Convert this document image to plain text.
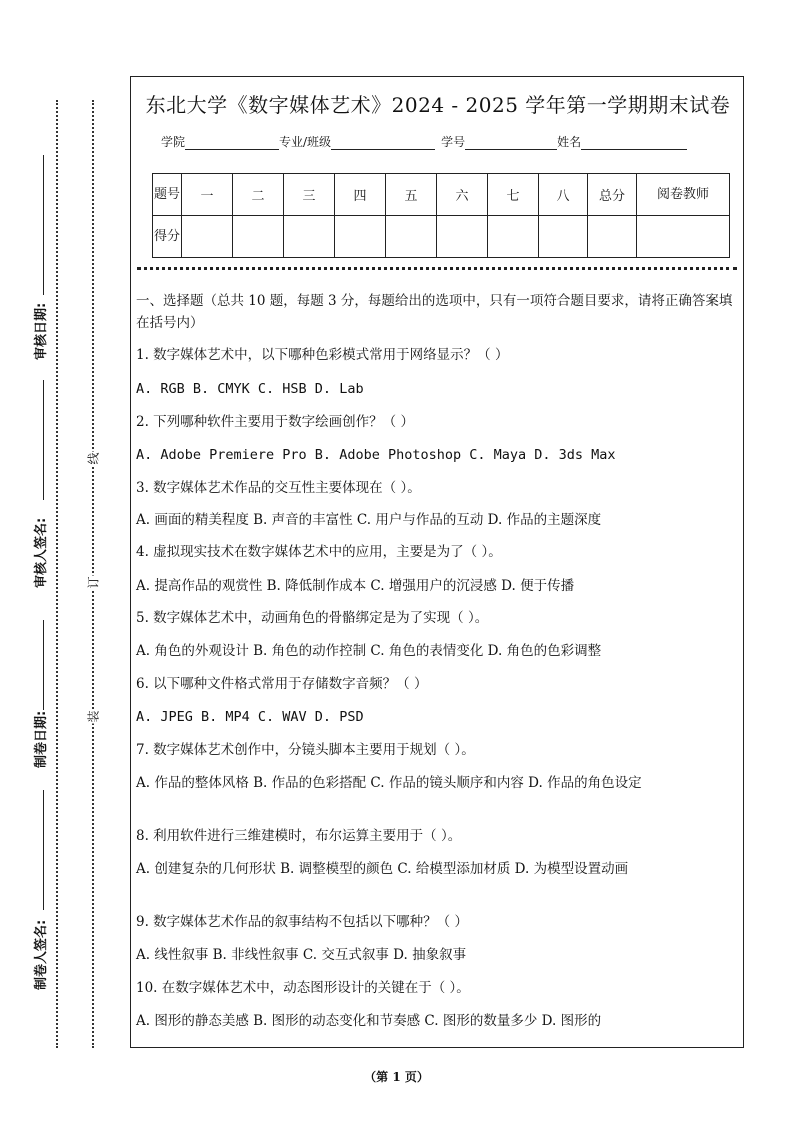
审核日期:
审核人签名:
制卷日期:
制卷人签名:
线
订
装
东北大学《数字媒体艺术》2024 - 2025 学年第一学期期末试卷
学院	专业/班级	学号	姓名
题号	一	二	三	四	五	六	七	八	总分	阅卷教师
得分										
一、选择题（总共 10 题，每题 3 分，每题给出的选项中，只有一项符合题目要求，请将正确答案填在括号内）
1. 数字媒体艺术中，以下哪种色彩模式常用于网络显示？（ ）
A. RGB B. CMYK C. HSB D. Lab
2. 下列哪种软件主要用于数字绘画创作？（ ）
A. Adobe Premiere Pro B. Adobe Photoshop C. Maya D. 3ds Max
3. 数字媒体艺术作品的交互性主要体现在（ ）。
A. 画面的精美程度 B. 声音的丰富性 C. 用户与作品的互动 D. 作品的主题深度
4. 虚拟现实技术在数字媒体艺术中的应用，主要是为了（ ）。
A. 提高作品的观赏性 B. 降低制作成本 C. 增强用户的沉浸感 D. 便于传播
5. 数字媒体艺术中，动画角色的骨骼绑定是为了实现（ ）。
A. 角色的外观设计 B. 角色的动作控制 C. 角色的表情变化 D. 角色的色彩调整
6. 以下哪种文件格式常用于存储数字音频？（ ）
A. JPEG B. MP4 C. WAV D. PSD
7. 数字媒体艺术创作中，分镜头脚本主要用于规划（ ）。
A. 作品的整体风格 B. 作品的色彩搭配 C. 作品的镜头顺序和内容 D. 作品的角色设定
8. 利用软件进行三维建模时，布尔运算主要用于（ ）。
A. 创建复杂的几何形状 B. 调整模型的颜色 C. 给模型添加材质 D. 为模型设置动画
9. 数字媒体艺术作品的叙事结构不包括以下哪种？（ ）
A. 线性叙事 B. 非线性叙事 C. 交互式叙事 D. 抽象叙事
10. 在数字媒体艺术中，动态图形设计的关键在于（ ）。
A. 图形的静态美感 B. 图形的动态变化和节奏感 C. 图形的数量多少 D. 图形的
（第 1 页）
